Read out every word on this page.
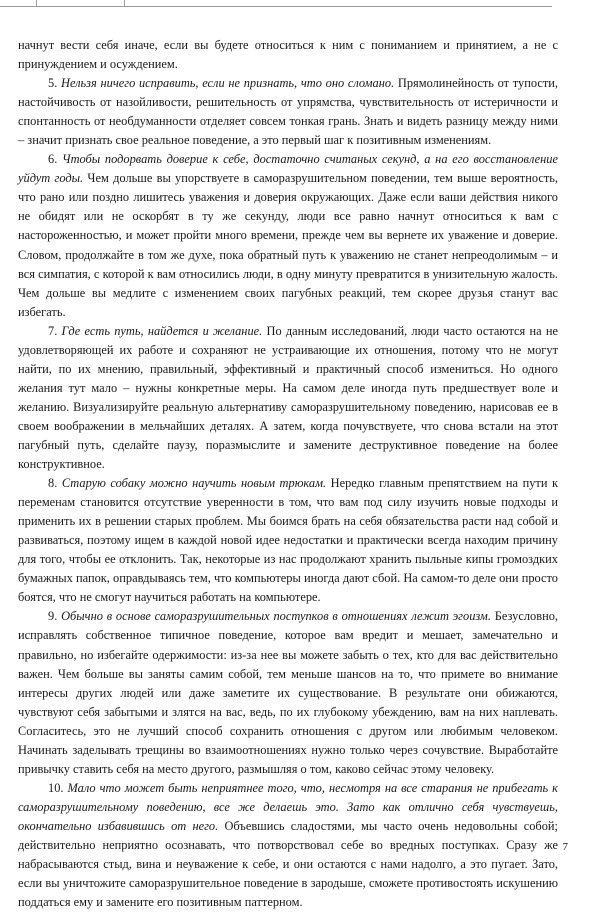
начнут вести себя иначе, если вы будете относиться к ним с пониманием и принятием, а не с принуждением и осуждением.

5. Нельзя ничего исправить, если не признать, что оно сломано. Прямолинейность от тупости, настойчивость от назойливости, решительность от упрямства, чувствительность от истеричности и спонтанность от необдуманности отделяет совсем тонкая грань. Знать и видеть разницу между ними – значит признать свое реальное поведение, а это первый шаг к позитивным изменениям.

6. Чтобы подорвать доверие к себе, достаточно считаных секунд, а на его восстановление уйдут годы. Чем дольше вы упорствуете в саморазрушительном поведении, тем выше вероятность, что рано или поздно лишитесь уважения и доверия окружающих. Даже если ваши действия никого не обидят или не оскорбят в ту же секунду, люди все равно начнут относиться к вам с настороженностью, и может пройти много времени, прежде чем вы вернете их уважение и доверие. Словом, продолжайте в том же духе, пока обратный путь к уважению не станет непреодолимым – и вся симпатия, с которой к вам относились люди, в одну минуту превратится в унизительную жалость. Чем дольше вы медлите с изменением своих пагубных реакций, тем скорее друзья станут вас избегать.

7. Где есть путь, найдется и желание. По данным исследований, люди часто остаются на не удовлетворяющей их работе и сохраняют не устраивающие их отношения, потому что не могут найти, по их мнению, правильный, эффективный и практичный способ измениться. Но одного желания тут мало – нужны конкретные меры. На самом деле иногда путь предшествует воле и желанию. Визуализируйте реальную альтернативу саморазрушительному поведению, нарисовав ее в своем воображении в мельчайших деталях. А затем, когда почувствуете, что снова встали на этот пагубный путь, сделайте паузу, поразмыслите и замените деструктивное поведение на более конструктивное.

8. Старую собаку можно научить новым трюкам. Нередко главным препятствием на пути к переменам становится отсутствие уверенности в том, что вам под силу изучить новые подходы и применить их в решении старых проблем. Мы боимся брать на себя обязательства расти над собой и развиваться, поэтому ищем в каждой новой идее недостатки и практически всегда находим причину для того, чтобы ее отклонить. Так, некоторые из нас продолжают хранить пыльные кипы громоздких бумажных папок, оправдываясь тем, что компьютеры иногда дают сбой. На самом-то деле они просто боятся, что не смогут научиться работать на компьютере.

9. Обычно в основе саморазрушительных поступков в отношениях лежит эгоизм. Безусловно, исправлять собственное типичное поведение, которое вам вредит и мешает, замечательно и правильно, но избегайте одержимости: из-за нее вы можете забыть о тех, кто для вас действительно важен. Чем больше вы заняты самим собой, тем меньше шансов на то, что примете во внимание интересы других людей или даже заметите их существование. В результате они обижаются, чувствуют себя забытыми и злятся на вас, ведь, по их глубокому убеждению, вам на них наплевать. Согласитесь, это не лучший способ сохранить отношения с другом или любимым человеком. Начинать заделывать трещины во взаимоотношениях нужно только через сочувствие. Выработайте привычку ставить себя на место другого, размышляя о том, каково сейчас этому человеку.

10. Мало что может быть неприятнее того, что, несмотря на все старания не прибегать к саморазрушительному поведению, все же делаешь это. Зато как отлично себя чувствуешь, окончательно избавившись от него. Объевшись сладостями, мы часто очень недовольны собой; действительно неприятно осознавать, что потворствовал себе во вредных поступках. Сразу же набрасываются стыд, вина и неуважение к себе, и они остаются с нами надолго, а это пугает. Зато, если вы уничтожите саморазрушительное поведение в зародыше, сможете противостоять искушению поддаться ему и замените его позитивным паттерном.

7
